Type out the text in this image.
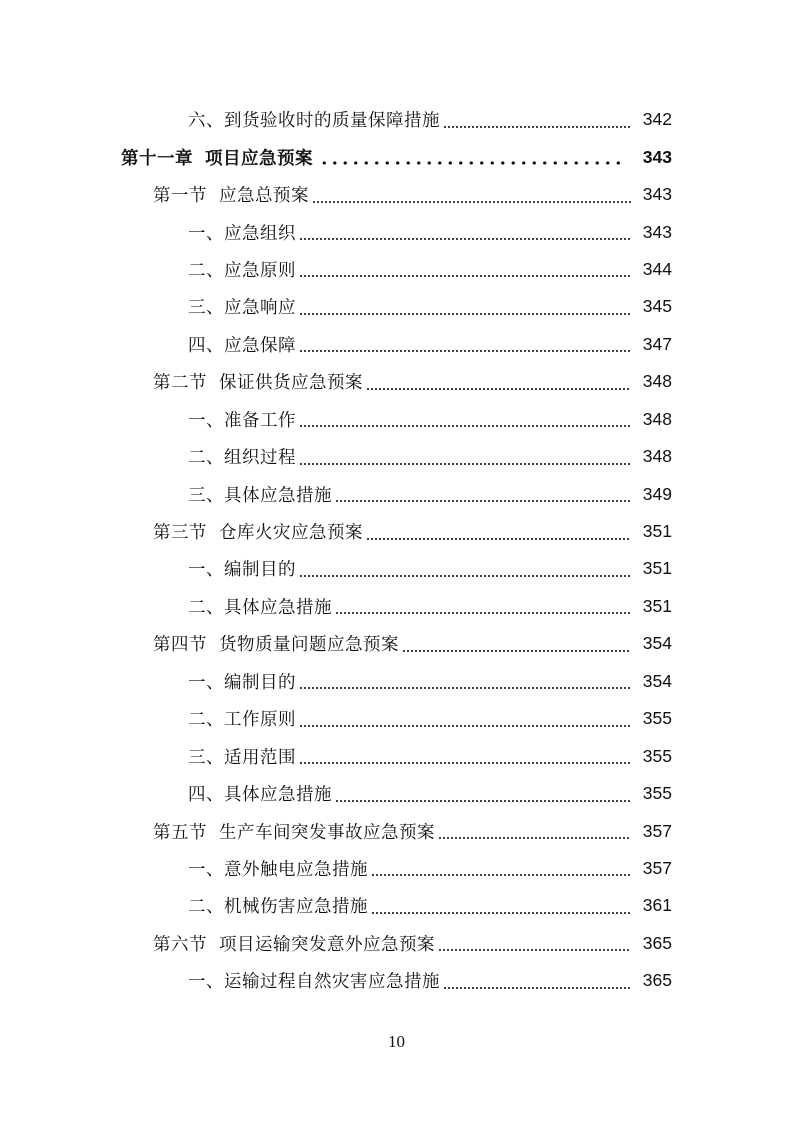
六、到货验收时的质量保障措施	342
第十一章 项目应急预案	343
第一节 应急总预案	343
一、应急组织	343
二、应急原则	344
三、应急响应	345
四、应急保障	347
第二节 保证供货应急预案	348
一、准备工作	348
二、组织过程	348
三、具体应急措施	349
第三节 仓库火灾应急预案	351
一、编制目的	351
二、具体应急措施	351
第四节 货物质量问题应急预案	354
一、编制目的	354
二、工作原则	355
三、适用范围	355
四、具体应急措施	355
第五节 生产车间突发事故应急预案	357
一、意外触电应急措施	357
二、机械伤害应急措施	361
第六节 项目运输突发意外应急预案	365
一、运输过程自然灾害应急措施	365
10
